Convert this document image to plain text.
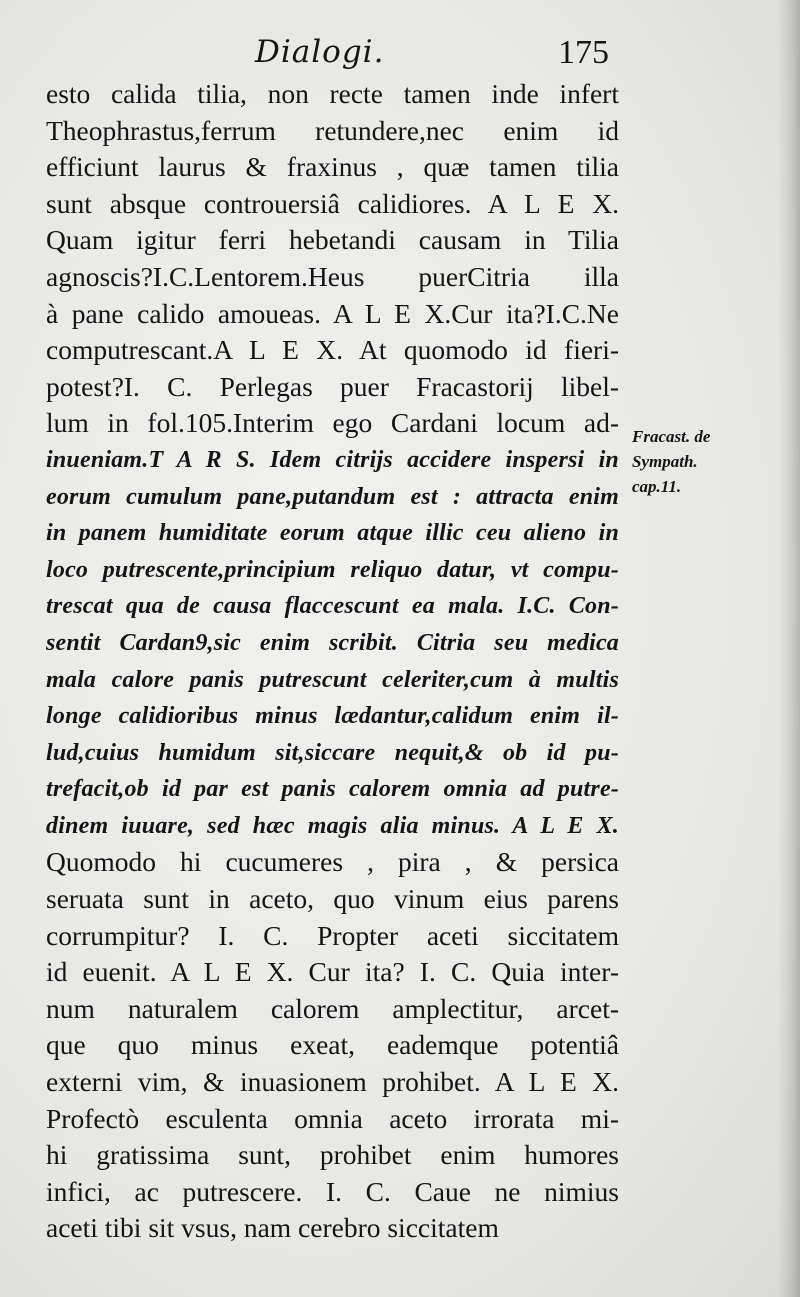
Dialogi.	175
esto calida tilia, non recte tamen inde infert
Theophrastus,ferrum retundere,nec enim id
efficiunt laurus & fraxinus , quæ tamen tilia
sunt absque controuersiâ calidiores. A L E X.
Quam igitur ferri hebetandi causam in Tilia
agnoscis?I.C.Lentorem.Heus puerCitria illa
à pane calido amoueas. A L E X.Cur ita?I.C.Ne
computrescant.A L E X. At quomodo id fieri-
potest?I. C. Perlegas puer Fracastorij libel-
lum in fol.105.Interim ego Cardani locum ad-
inueniam.T A R S. Idem citrijs accidere inspersi in
eorum cumulum pane,putandum est : attracta enim
in panem humiditate eorum atque illic ceu alieno in
loco putrescente,principium reliquo datur, vt compu-
trescat qua de causa flaccescunt ea mala. I.C. Con-
sentit Cardan9,sic enim scribit. Citria seu medica
mala calore panis putrescunt celeriter,cum à multis
longe calidioribus minus lædantur,calidum enim il-
lud,cuius humidum sit,siccare nequit,& ob id pu-
trefacit,ob id par est panis calorem omnia ad putre-
dinem iuuare, sed hæc magis alia minus. A L E X.
Quomodo hi cucumeres , pira , & persica
seruata sunt in aceto, quo vinum eius parens
corrumpitur? I. C. Propter aceti siccitatem
id euenit. A L E X. Cur ita? I. C. Quia inter-
num naturalem calorem amplectitur, arcet-
que quo minus exeat, eademque potentiâ
externi vim, & inuasionem prohibet. A L E X.
Profectò esculenta omnia aceto irrorata mi-
hi gratissima sunt, prohibet enim humores
infici, ac putrescere. I. C. Caue ne nimius
aceti tibi sit vsus, nam cerebro siccitatem
Fracast. de
Sympath.
cap.11.
